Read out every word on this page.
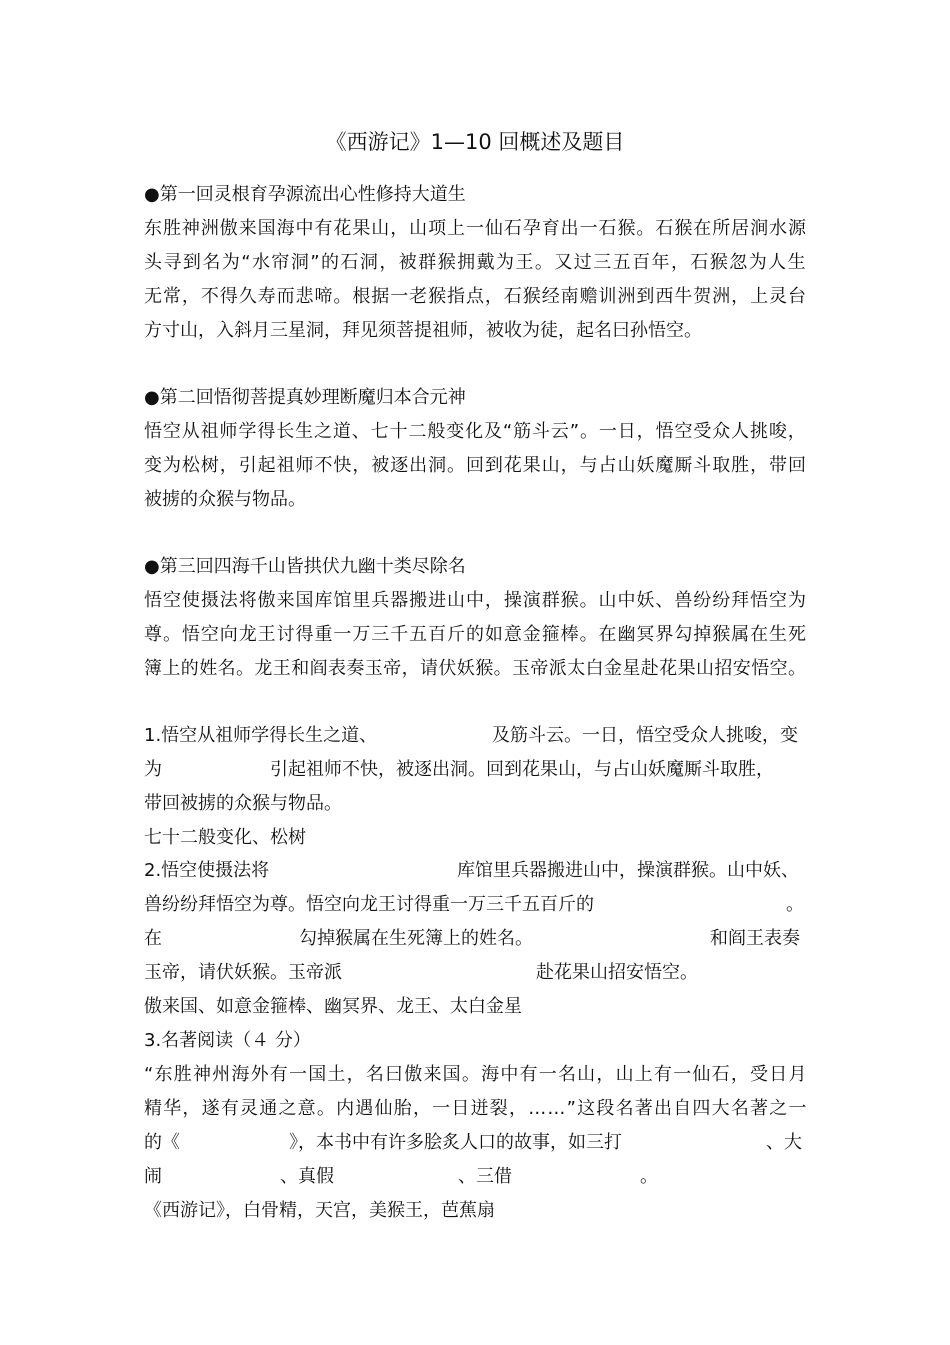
《西游记》1—10 回概述及题目
●第一回灵根育孕源流出心性修持大道生
东胜神洲傲来国海中有花果山，山项上一仙石孕育出一石猴。石猴在所居涧水源
头寻到名为“水帘洞”的石洞，被群猴拥戴为王。又过三五百年，石猴忽为人生
无常，不得久寿而悲啼。根据一老猴指点，石猴经南赡训洲到西牛贺洲，上灵台
方寸山，入斜月三星洞，拜见须菩提祖师，被收为徒，起名曰孙悟空。
●第二回悟彻菩提真妙理断魔归本合元神
悟空从祖师学得长生之道、七十二般变化及“筋斗云”。一日，悟空受众人挑唆，
变为松树，引起祖师不快，被逐出洞。回到花果山，与占山妖魔厮斗取胜，带回
被掳的众猴与物品。
●第三回四海千山皆拱伏九幽十类尽除名
悟空使摄法将傲来国库馆里兵器搬进山中，操演群猴。山中妖、兽纷纷拜悟空为
尊。悟空向龙王讨得重一万三千五百斤的如意金箍棒。在幽冥界勾掉猴属在生死
簿上的姓名。龙王和阎表奏玉帝，请伏妖猴。玉帝派太白金星赴花果山招安悟空。
1.悟空从祖师学得长生之道、	及筋斗云。一日，悟空受众人挑唆，变
为	引起祖师不快，被逐出洞。回到花果山，与占山妖魔厮斗取胜，
带回被掳的众猴与物品。
七十二般变化、松树
2.悟空使摄法将	库馆里兵器搬进山中，操演群猴。山中妖、
兽纷纷拜悟空为尊。悟空向龙王讨得重一万三千五百斤的	。
在	勾掉猴属在生死簿上的姓名。	和阎王表奏
玉帝，请伏妖猴。玉帝派	赴花果山招安悟空。
傲来国、如意金箍棒、幽冥界、龙王、太白金星
3.名著阅读（４ 分）
“东胜神州海外有一国土，名曰傲来国。海中有一名山，山上有一仙石，受日月
精华，遂有灵通之意。内遇仙胎，一日迸裂，……”这段名著出自四大名著之一
的《	》，本书中有许多脍炙人口的故事，如三打	、大
闹	、真假	、三借	。
《西游记》，白骨精，天宫，美猴王，芭蕉扇
